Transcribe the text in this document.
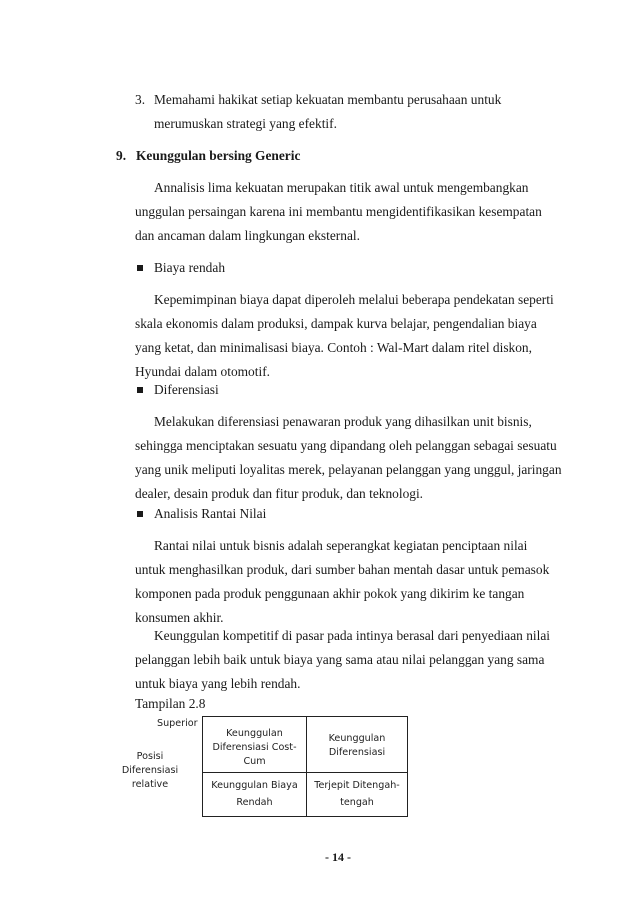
3. Memahami hakikat setiap kekuatan membantu perusahaan untuk
merumuskan strategi yang efektif.
9. Keunggulan bersing Generic
Annalisis lima kekuatan merupakan titik awal untuk mengembangkan
unggulan persaingan karena ini membantu mengidentifikasikan kesempatan
dan ancaman dalam lingkungan eksternal.
Biaya rendah
Kepemimpinan biaya dapat diperoleh melalui beberapa pendekatan seperti
skala ekonomis dalam produksi, dampak kurva belajar, pengendalian biaya
yang ketat, dan minimalisasi biaya. Contoh : Wal-Mart dalam ritel diskon,
Hyundai dalam otomotif.
Diferensiasi
Melakukan diferensiasi penawaran produk yang dihasilkan unit bisnis,
sehingga menciptakan sesuatu yang dipandang oleh pelanggan sebagai sesuatu
yang unik meliputi loyalitas merek, pelayanan pelanggan yang unggul, jaringan
dealer, desain produk dan fitur produk, dan teknologi.
Analisis Rantai Nilai
Rantai nilai untuk bisnis adalah seperangkat kegiatan penciptaan nilai
untuk menghasilkan produk, dari sumber bahan mentah dasar untuk pemasok
komponen pada produk penggunaan akhir pokok yang dikirim ke tangan
konsumen akhir.
Keunggulan kompetitif di pasar pada intinya berasal dari penyediaan nilai
pelanggan lebih baik untuk biaya yang sama atau nilai pelanggan yang sama
untuk biaya yang lebih rendah.
Tampilan 2.8
Superior
Posisi
Diferensiasi
relative
Keunggulan
Diferensiasi Cost-
Cum
Keunggulan
Diferensiasi
Keunggulan Biaya
Rendah
Terjepit Ditengah-
tengah
- 14 -
